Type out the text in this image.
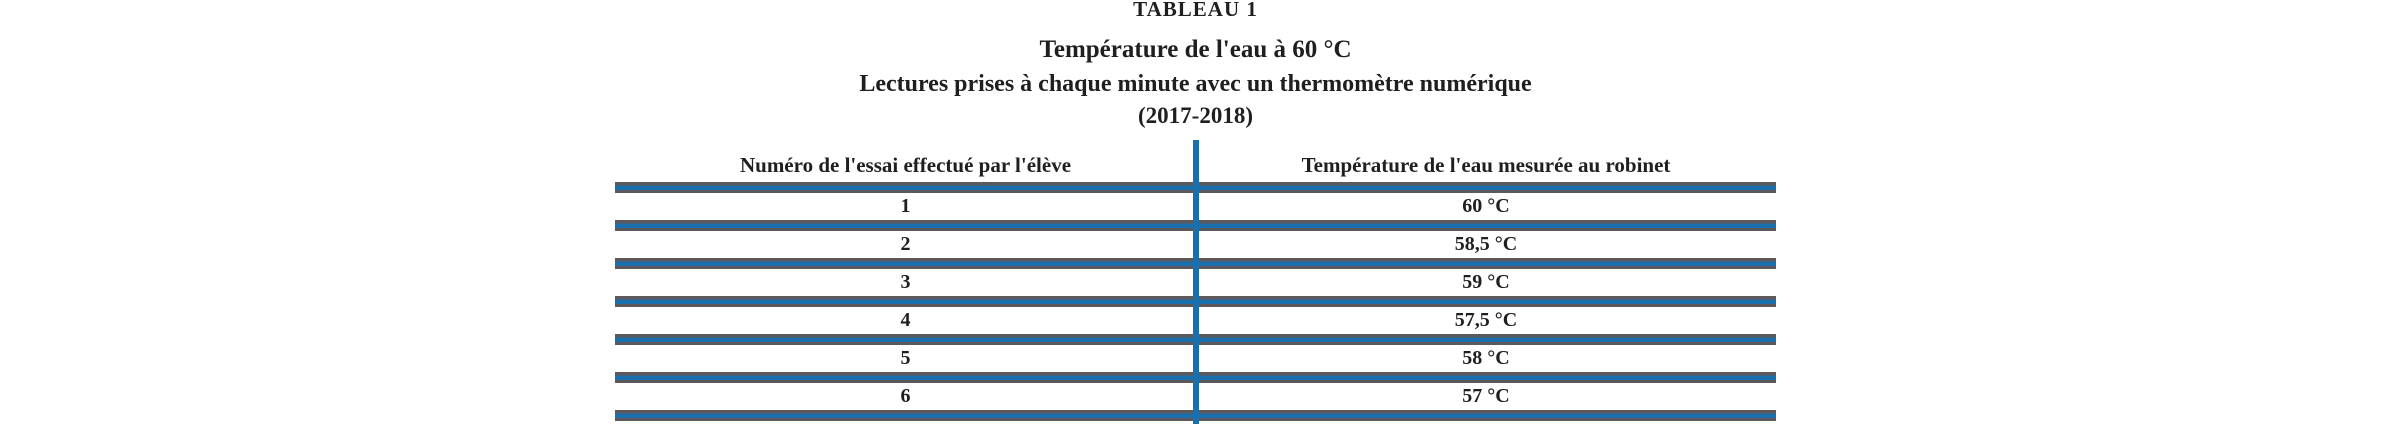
TABLEAU 1
Température de l'eau à 60 °C
Lectures prises à chaque minute avec un thermomètre numérique
(2017-2018)
Numéro de l'essai effectué par l'élève	Température de l'eau mesurée au robinet
1	60 °C
2	58,5 °C
3	59 °C
4	57,5 °C
5	58 °C
6	57 °C
